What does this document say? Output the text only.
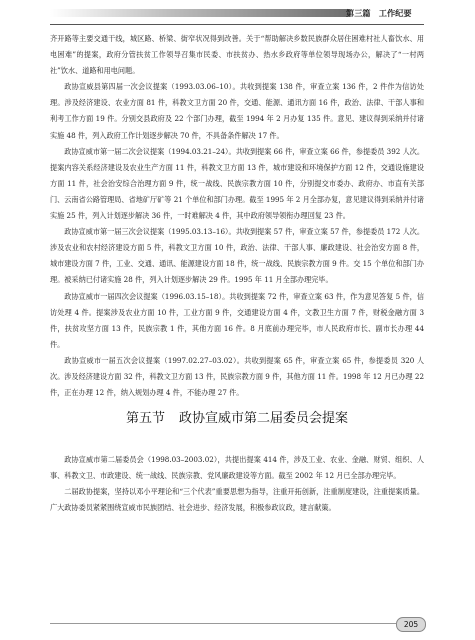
第三篇　工作纪要

齐开路等主要交通干线，城区路、桥梁、街窄状况得到改善。关于“帮助解决乡数民族群众居住困难村社人畜饮水、用电困难”的提案，政府分管扶贫工作领导召集市民委、市扶贫办、热水乡政府等单位领导现场办公，解决了“一村两社”饮水、道路和用电问题。

政协宣威县第四届一次会议提案（1993.03.06–10）。共收到提案 138 件，审查立案 136 件，2 件作为信访处理。涉及经济建设、农业方面 81 件，科教文卫方面 20 件，交通、能源、通讯方面 16 件，政治、法律、干部人事和利考工作方面 19 件。分别交县政府及 22 个部门办理，截至 1994 年 2 月办复 135 件。意见、建议得到采纳并付诸实施 48 件，列入政府工作计划逐步解决 70 件，不具备条件解决 17 件。

政协宣威市第一届二次会议提案（1994.03.21–24）。共收到提案 66 件，审查立案 66 件，参提委员 392 人次。提案内容关系经济建设及农业生产方面 11 件，科教文卫方面 13 件，城市建设和环境保护方面 12 件，交通设施建设方面 11 件，社会治安综合治理方面 9 件，统一战线、民族宗教方面 10 件，分别提交市委办、政府办、市直有关部门、云南省公路管理局、省地矿厅矿等 21 个单位和部门办理。截至 1995 年 2 月全部办复，意见建议得到采纳并付诸实施 25 件，列入计划逐步解决 36 件，一时难解决 4 件，其中政府领导领衔办理回复 23 件。

政协宣威市第一届三次会议提案（1995.03.13–16）。共收到提案 57 件，审查立案 57 件，参提委员 172 人次。涉及农业和农村经济建设方面 5 件，科教文卫方面 10 件，政治、法律、干部人事、廉政建设、社会治安方面 8 件，城市建设方面 7 件，工业、交通、通讯、能源建设方面 18 件，统一战线、民族宗教方面 9 件。交 15 个单位和部门办理。被采纳已付诸实施 28 件，列入计划逐步解决 29 件。1995 年 11 月全部办理完毕。

政协宣威市一届四次会议提案（1996.03.15–18）。共收到提案 72 件，审查立案 63 件，作为意见答复 5 件，信访处理 4 件。提案涉及农业方面 10 件，工业方面 9 件，交通建设方面 4 件，文教卫生方面 7 件，财税金融方面 3 件，扶贫攻坚方面 13 件，民族宗教 1 件，其他方面 16 件。8 月底前办理完毕，市人民政府市长、副市长办理 44 件。

政协宣威市一届五次会议提案（1997.02.27–03.02）。共收到提案 65 件，审查立案 65 件，参提委员 320 人次。涉及经济建设方面 32 件，科教文卫方面 13 件，民族宗教方面 9 件，其他方面 11 件。1998 年 12 月已办理 22 件，正在办理 12 件，纳入规划办理 4 件，不能办理 27 件。

第五节 政协宣威市第二届委员会提案

政协宣威市第二届委员会（1998.03–2003.02），共提出提案 414 件，涉及工业、农业、金融、财贸、组织、人事、科教文卫、市政建设、统一战线、民族宗教、党风廉政建设等方面。截至 2002 年 12 月已全部办理完毕。

二届政协提案，坚持以邓小平理论和“三个代表”重要思想为指导，注重开拓创新，注重制度建设，注重提案质量。广大政协委员紧紧围绕宣威市民族团结、社会进步、经济发展，积极参政议政，建言献策。

205
